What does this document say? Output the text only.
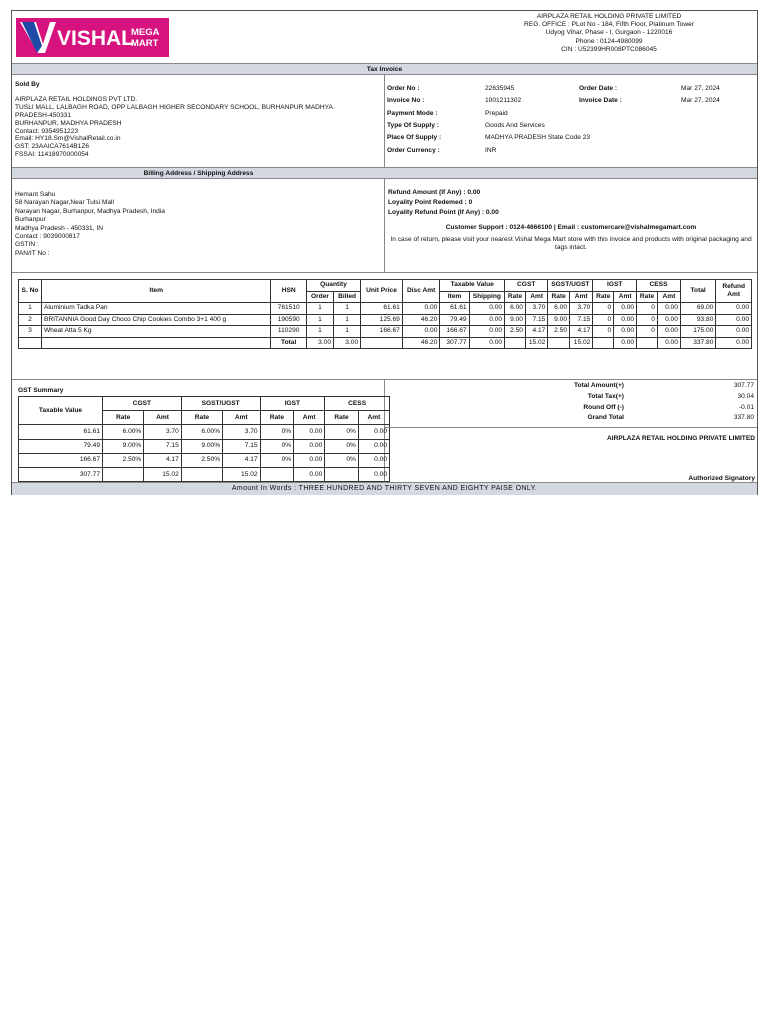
VISHAL
MEGA
MART
AIRPLAZA RETAIL HOLDING PRIVATE LIMITED
REG. OFFICE : PLot No - 184, Fifth Floor, Platinum Tower
Udyog Vihar, Phase - I, Gurgaon - 1220016
Phone : 0124-4980099
CIN : U52399HR008PTC086045
Tax Invoice
Sold By
AIRPLAZA RETAIL HOLDINGS PVT LTD.
TUSLI MALL, LALBAGH ROAD, OPP LALBAGH HIGHER SECONDARY SCHOOL, BURHANPUR MADHYA
PRADESH-450331
BURHANPUR, MADHYA PRADESH
Contact: 9354951223
Email: HY18.Sm@VishalRetail.co.in
GST: 23AAICA7614B1Z6
FSSAI: 11418970000054
Order No :	22635945	Order Date :	Mar 27, 2024
Invoice No :	1001211302	Invoice Date :	Mar 27, 2024
Payment Mode :	Prepaid		
Type Of Supply :	Goods And Services		
Place Of Supply :	MADHYA PRADESH State Code 23		
Order Currency :	INR		
Billing Address / Shipping Address
Hemant Sahu
58 Narayan Nagar,Near Tulsi Mall
Narayan Nagar, Burhanpur, Madhya Pradesh, India
Burhanpur
Madhya Pradesh - 450331, IN
Contact : 9039000817
GSTIN :
PAN/IT No :
Refund Amount (If Any) : 0.00
Loyality Point Redemed : 0
Loyality Refund Point (If Any) : 0.00
Customer Support : 0124-4666100 | Email : customercare@vishalmegamart.com
In case of return, please visit your nearest Vishal Mega Mart store with this invoice and products with original packaging and tags intact.
S. No	Item	HSN	Quantity		Unit Price	Disc Amt	Taxable Value		CGST		SGST/UGST		IGST		CESS		Total	Refund Amt
			Order	Billed			Item	Shipping	Rate	Amt	Rate	Amt	Rate	Amt	Rate	Amt		
1	Aluminium Tadka Pan	761510	1	1	61.61	0.00	61.61	0.00	6.00	3.70	6.00	3.70	0	0.00	0	0.00	69.00	0.00
2	BRITANNIA Good Day Choco Chip Cookies Combo 3+1 400 g	190590	1	1	125.69	46.20	79.49	0.00	9.00	7.15	9.00	7.15	0	0.00	0	0.00	93.80	0.00
3	Wheat Atta 5 Kg	110290	1	1	166.67	0.00	166.67	0.00	2.50	4.17	2.50	4.17	0	0.00	0	0.00	175.00	0.00
		Total	3.00	3.00		46.20	307.77	0.00		15.02		15.02		0.00		0.00	337.80	0.00
GST Summary
Taxable Value	CGST		SGST/UGST		IGST		CESS	
	Rate	Amt	Rate	Amt	Rate	Amt	Rate	Amt
61.61	6.00%	3.70	6.00%	3.70	0%	0.00	0%	0.00
79.49	9.00%	7.15	9.00%	7.15	0%	0.00	0%	0.00
166.67	2.50%	4.17	2.50%	4.17	0%	0.00	0%	0.00
307.77		15.02		15.02		0.00		0.00
Total Amount(+)	307.77
Total Tax(+)	30.04
Round Off (-)	-0.01
Grand Total	337.80
AIRPLAZA RETAIL HOLDING PRIVATE LIMITED
Authorized Signatory
Amount In Words : THREE HUNDRED AND THIRTY SEVEN AND EIGHTY PAISE ONLY.
